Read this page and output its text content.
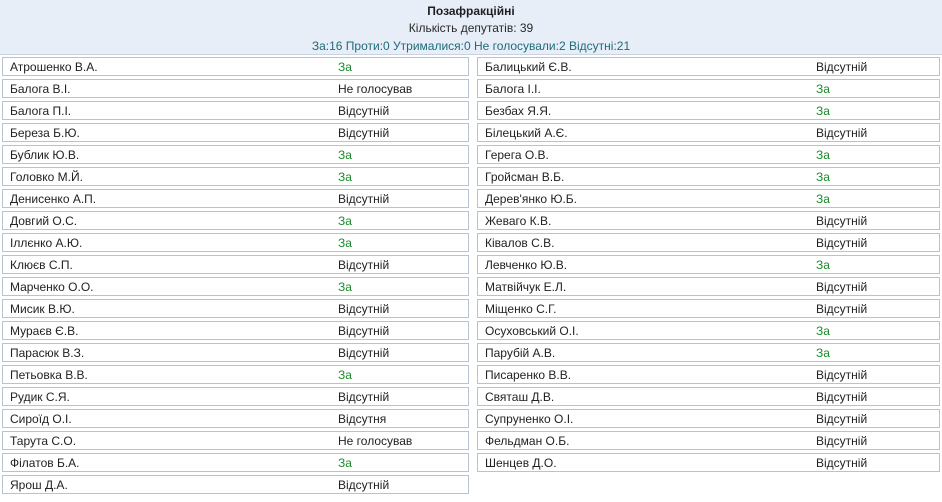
Позафракційні
Кількість депутатів: 39
За:16 Проти:0 Утрималися:0 Не голосували:2 Відсутні:21
Атрошенко В.А.	За	Балицький Є.В.	Відсутній
Балога В.І.	Не голосував	Балога І.І.	За
Балога П.І.	Відсутній	Безбах Я.Я.	За
Береза Б.Ю.	Відсутній	Білецький А.Є.	Відсутній
Бублик Ю.В.	За	Герега О.В.	За
Головко М.Й.	За	Гройсман В.Б.	За
Денисенко А.П.	Відсутній	Дерев'янко Ю.Б.	За
Довгий О.С.	За	Жеваго К.В.	Відсутній
Іллєнко А.Ю.	За	Ківалов С.В.	Відсутній
Клюєв С.П.	Відсутній	Левченко Ю.В.	За
Марченко О.О.	За	Матвійчук Е.Л.	Відсутній
Мисик В.Ю.	Відсутній	Міщенко С.Г.	Відсутній
Мураєв Є.В.	Відсутній	Осуховський О.І.	За
Парасюк В.З.	Відсутній	Парубій А.В.	За
Петьовка В.В.	За	Писаренко В.В.	Відсутній
Рудик С.Я.	Відсутній	Святаш Д.В.	Відсутній
Сироїд О.І.	Відсутня	Супруненко О.І.	Відсутній
Тарута С.О.	Не голосував	Фельдман О.Б.	Відсутній
Філатов Б.А.	За	Шенцев Д.О.	Відсутній
Ярош Д.А.	Відсутній
